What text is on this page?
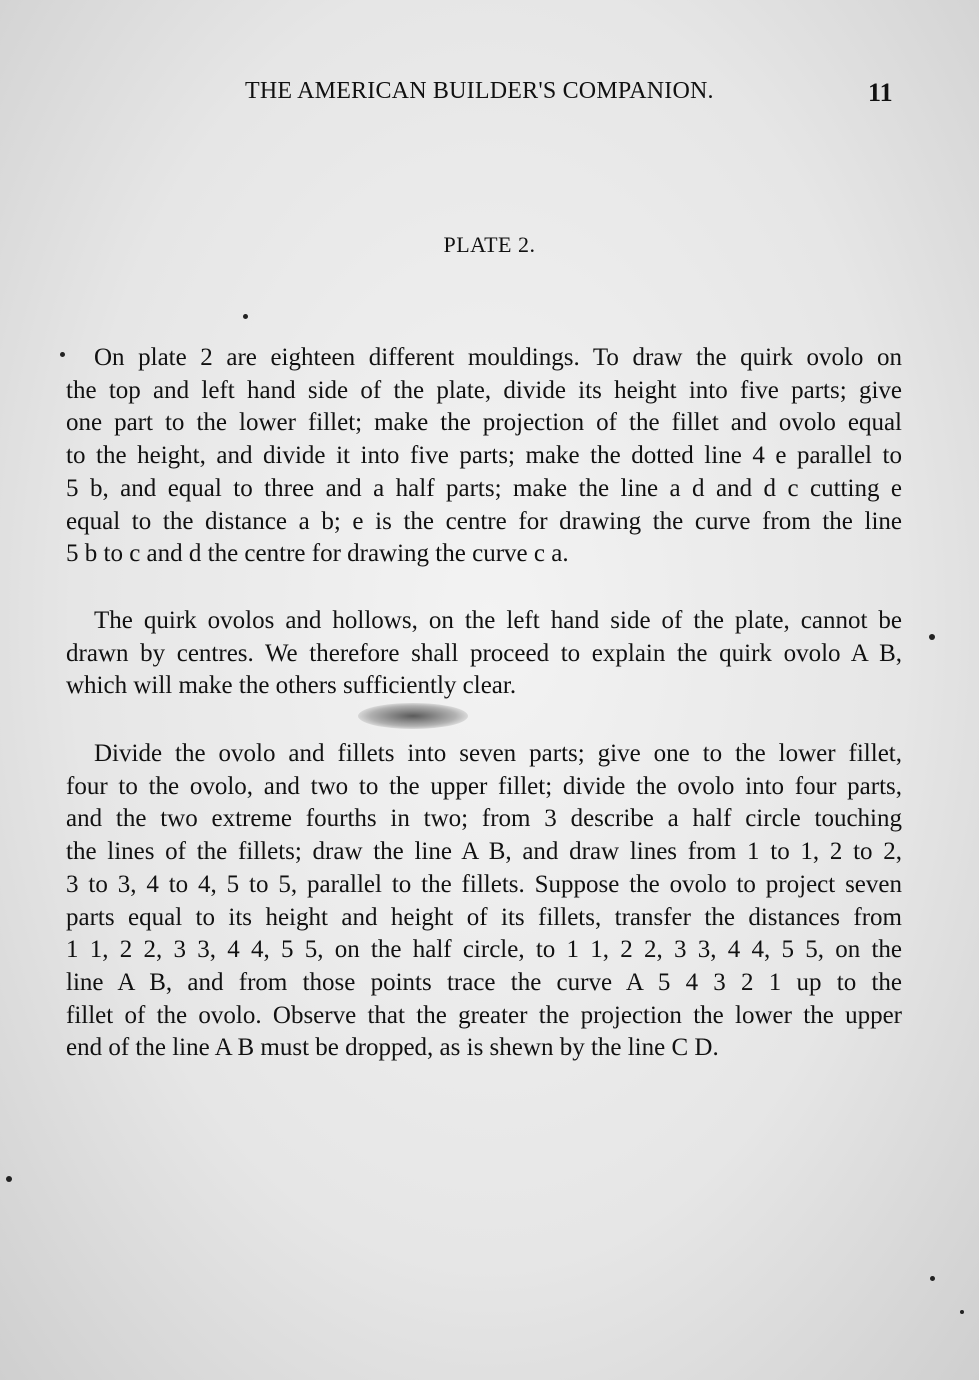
THE AMERICAN BUILDER'S COMPANION.	11
PLATE 2.
On plate 2 are eighteen different mouldings. To draw the quirk ovolo on
the top and left hand side of the plate, divide its height into five parts; give
one part to the lower fillet; make the projection of the fillet and ovolo equal
to the height, and divide it into five parts; make the dotted line 4 e parallel to
5 b, and equal to three and a half parts; make the line a d and d c cutting e
equal to the distance a b; e is the centre for drawing the curve from the line
5 b to c and d the centre for drawing the curve c a.
The quirk ovolos and hollows, on the left hand side of the plate, cannot be
drawn by centres. We therefore shall proceed to explain the quirk ovolo A B,
which will make the others sufficiently clear.
Divide the ovolo and fillets into seven parts; give one to the lower fillet,
four to the ovolo, and two to the upper fillet; divide the ovolo into four parts,
and the two extreme fourths in two; from 3 describe a half circle touching
the lines of the fillets; draw the line A B, and draw lines from 1 to 1, 2 to 2,
3 to 3, 4 to 4, 5 to 5, parallel to the fillets. Suppose the ovolo to project seven
parts equal to its height and height of its fillets, transfer the distances from
1 1, 2 2, 3 3, 4 4, 5 5, on the half circle, to 1 1, 2 2, 3 3, 4 4, 5 5, on the
line A B, and from those points trace the curve A 5 4 3 2 1 up to the
fillet of the ovolo. Observe that the greater the projection the lower the upper
end of the line A B must be dropped, as is shewn by the line C D.
